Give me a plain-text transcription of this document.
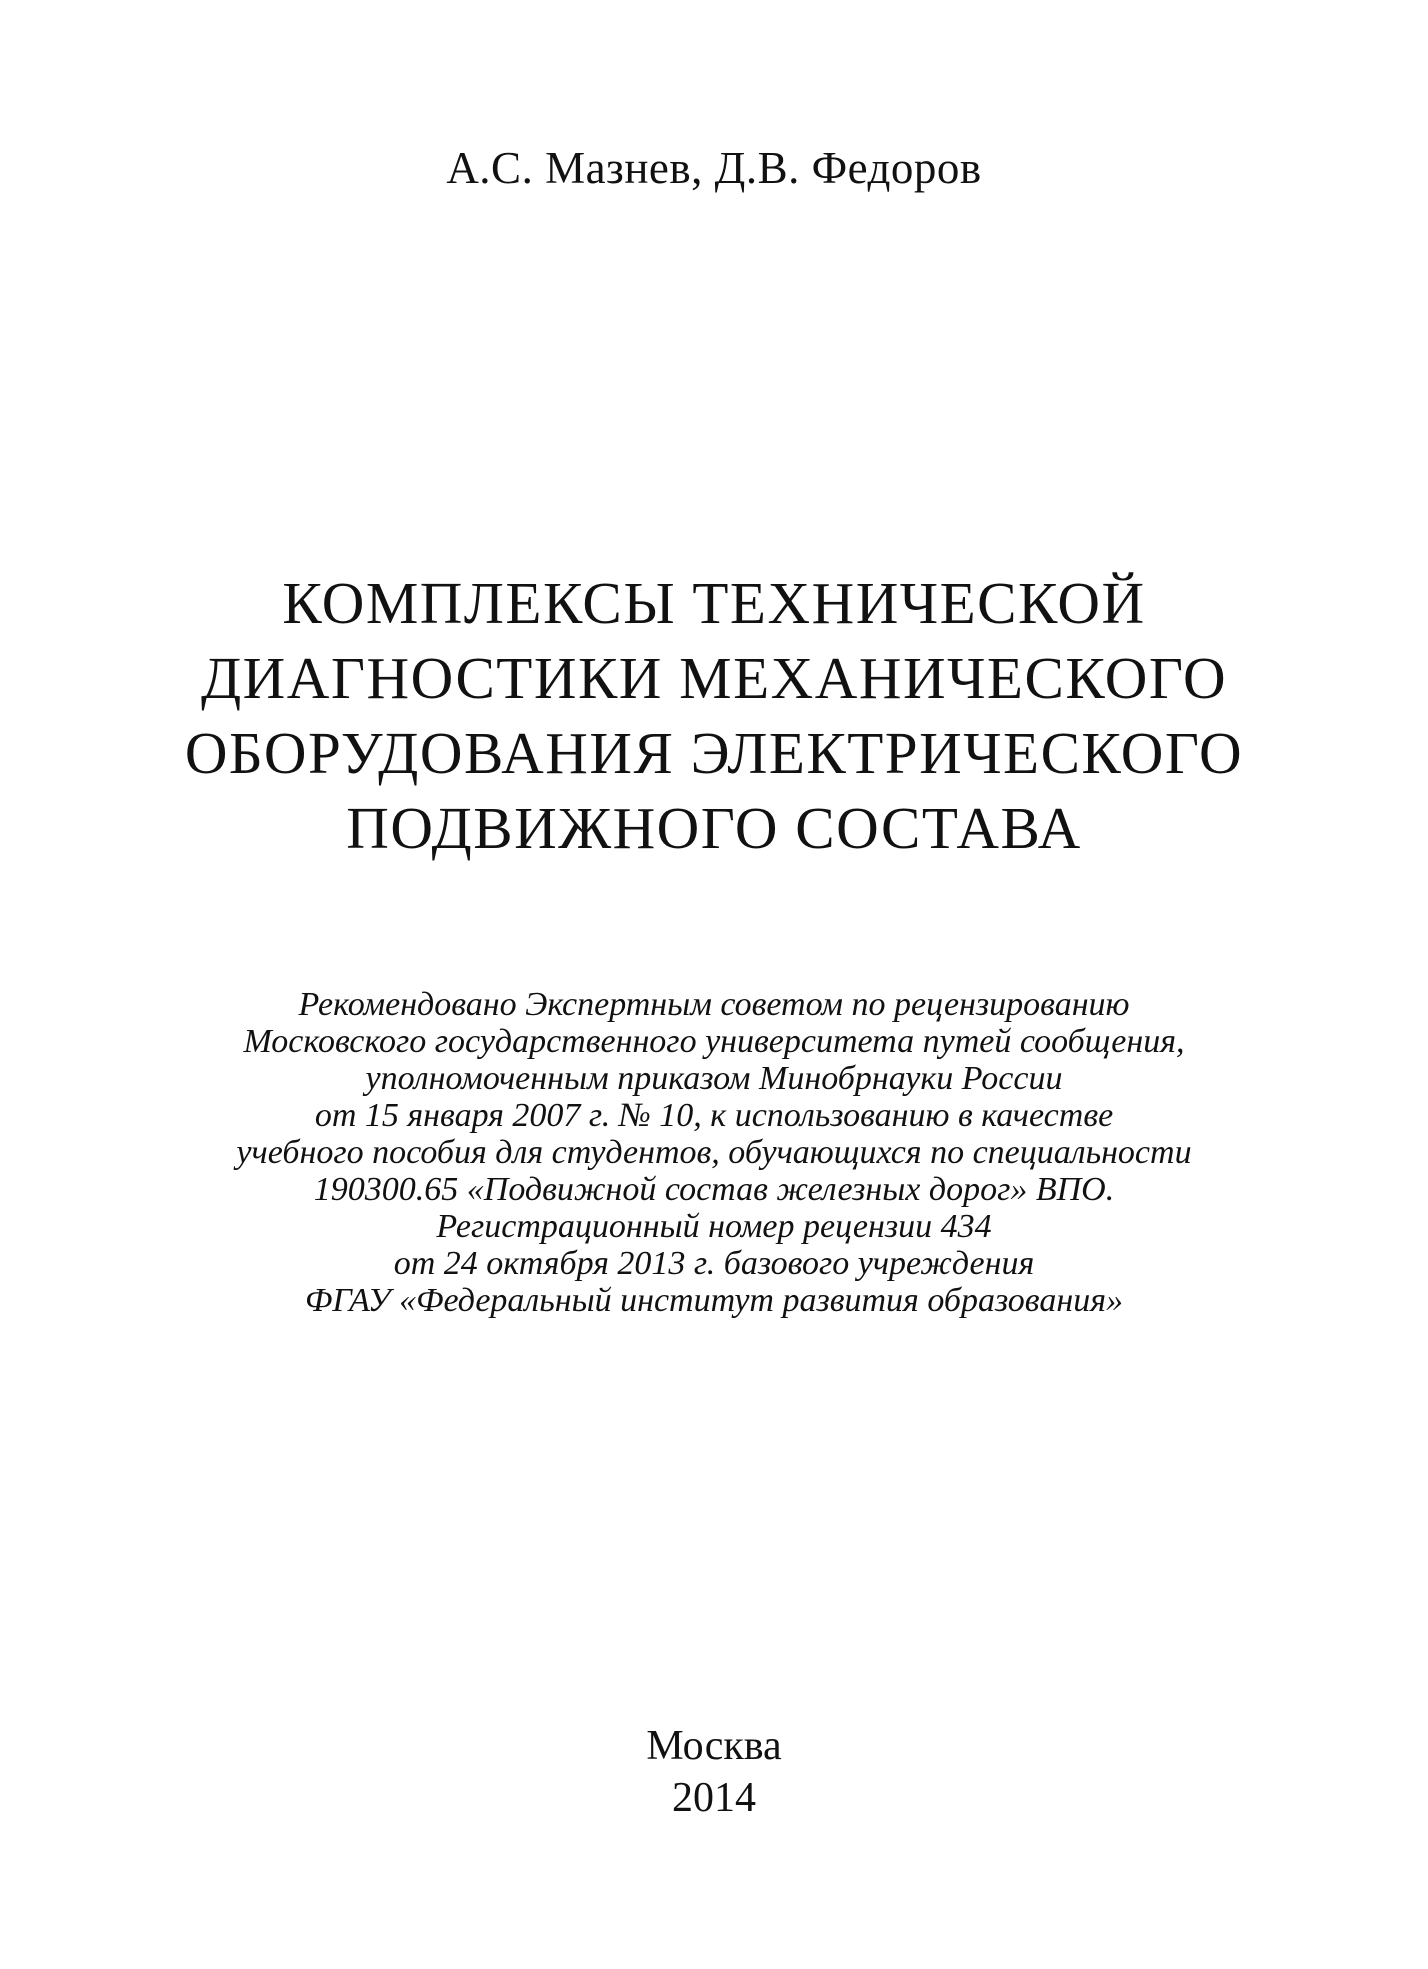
А.С. Мазнев, Д.В. Федоров
КОМПЛЕКСЫ ТЕХНИЧЕСКОЙ
ДИАГНОСТИКИ МЕХАНИЧЕСКОГО
ОБОРУДОВАНИЯ ЭЛЕКТРИЧЕСКОГО
ПОДВИЖНОГО СОСТАВА
Рекомендовано Экспертным советом по рецензированию
Московского государственного университета путей сообщения,
уполномоченным приказом Минобрнауки России
от 15 января 2007 г. № 10, к использованию в качестве
учебного пособия для студентов, обучающихся по специальности
190300.65 «Подвижной состав железных дорог» ВПО.
Регистрационный номер рецензии 434
от 24 октября 2013 г. базового учреждения
ФГАУ «Федеральный институт развития образования»
Москва
2014
